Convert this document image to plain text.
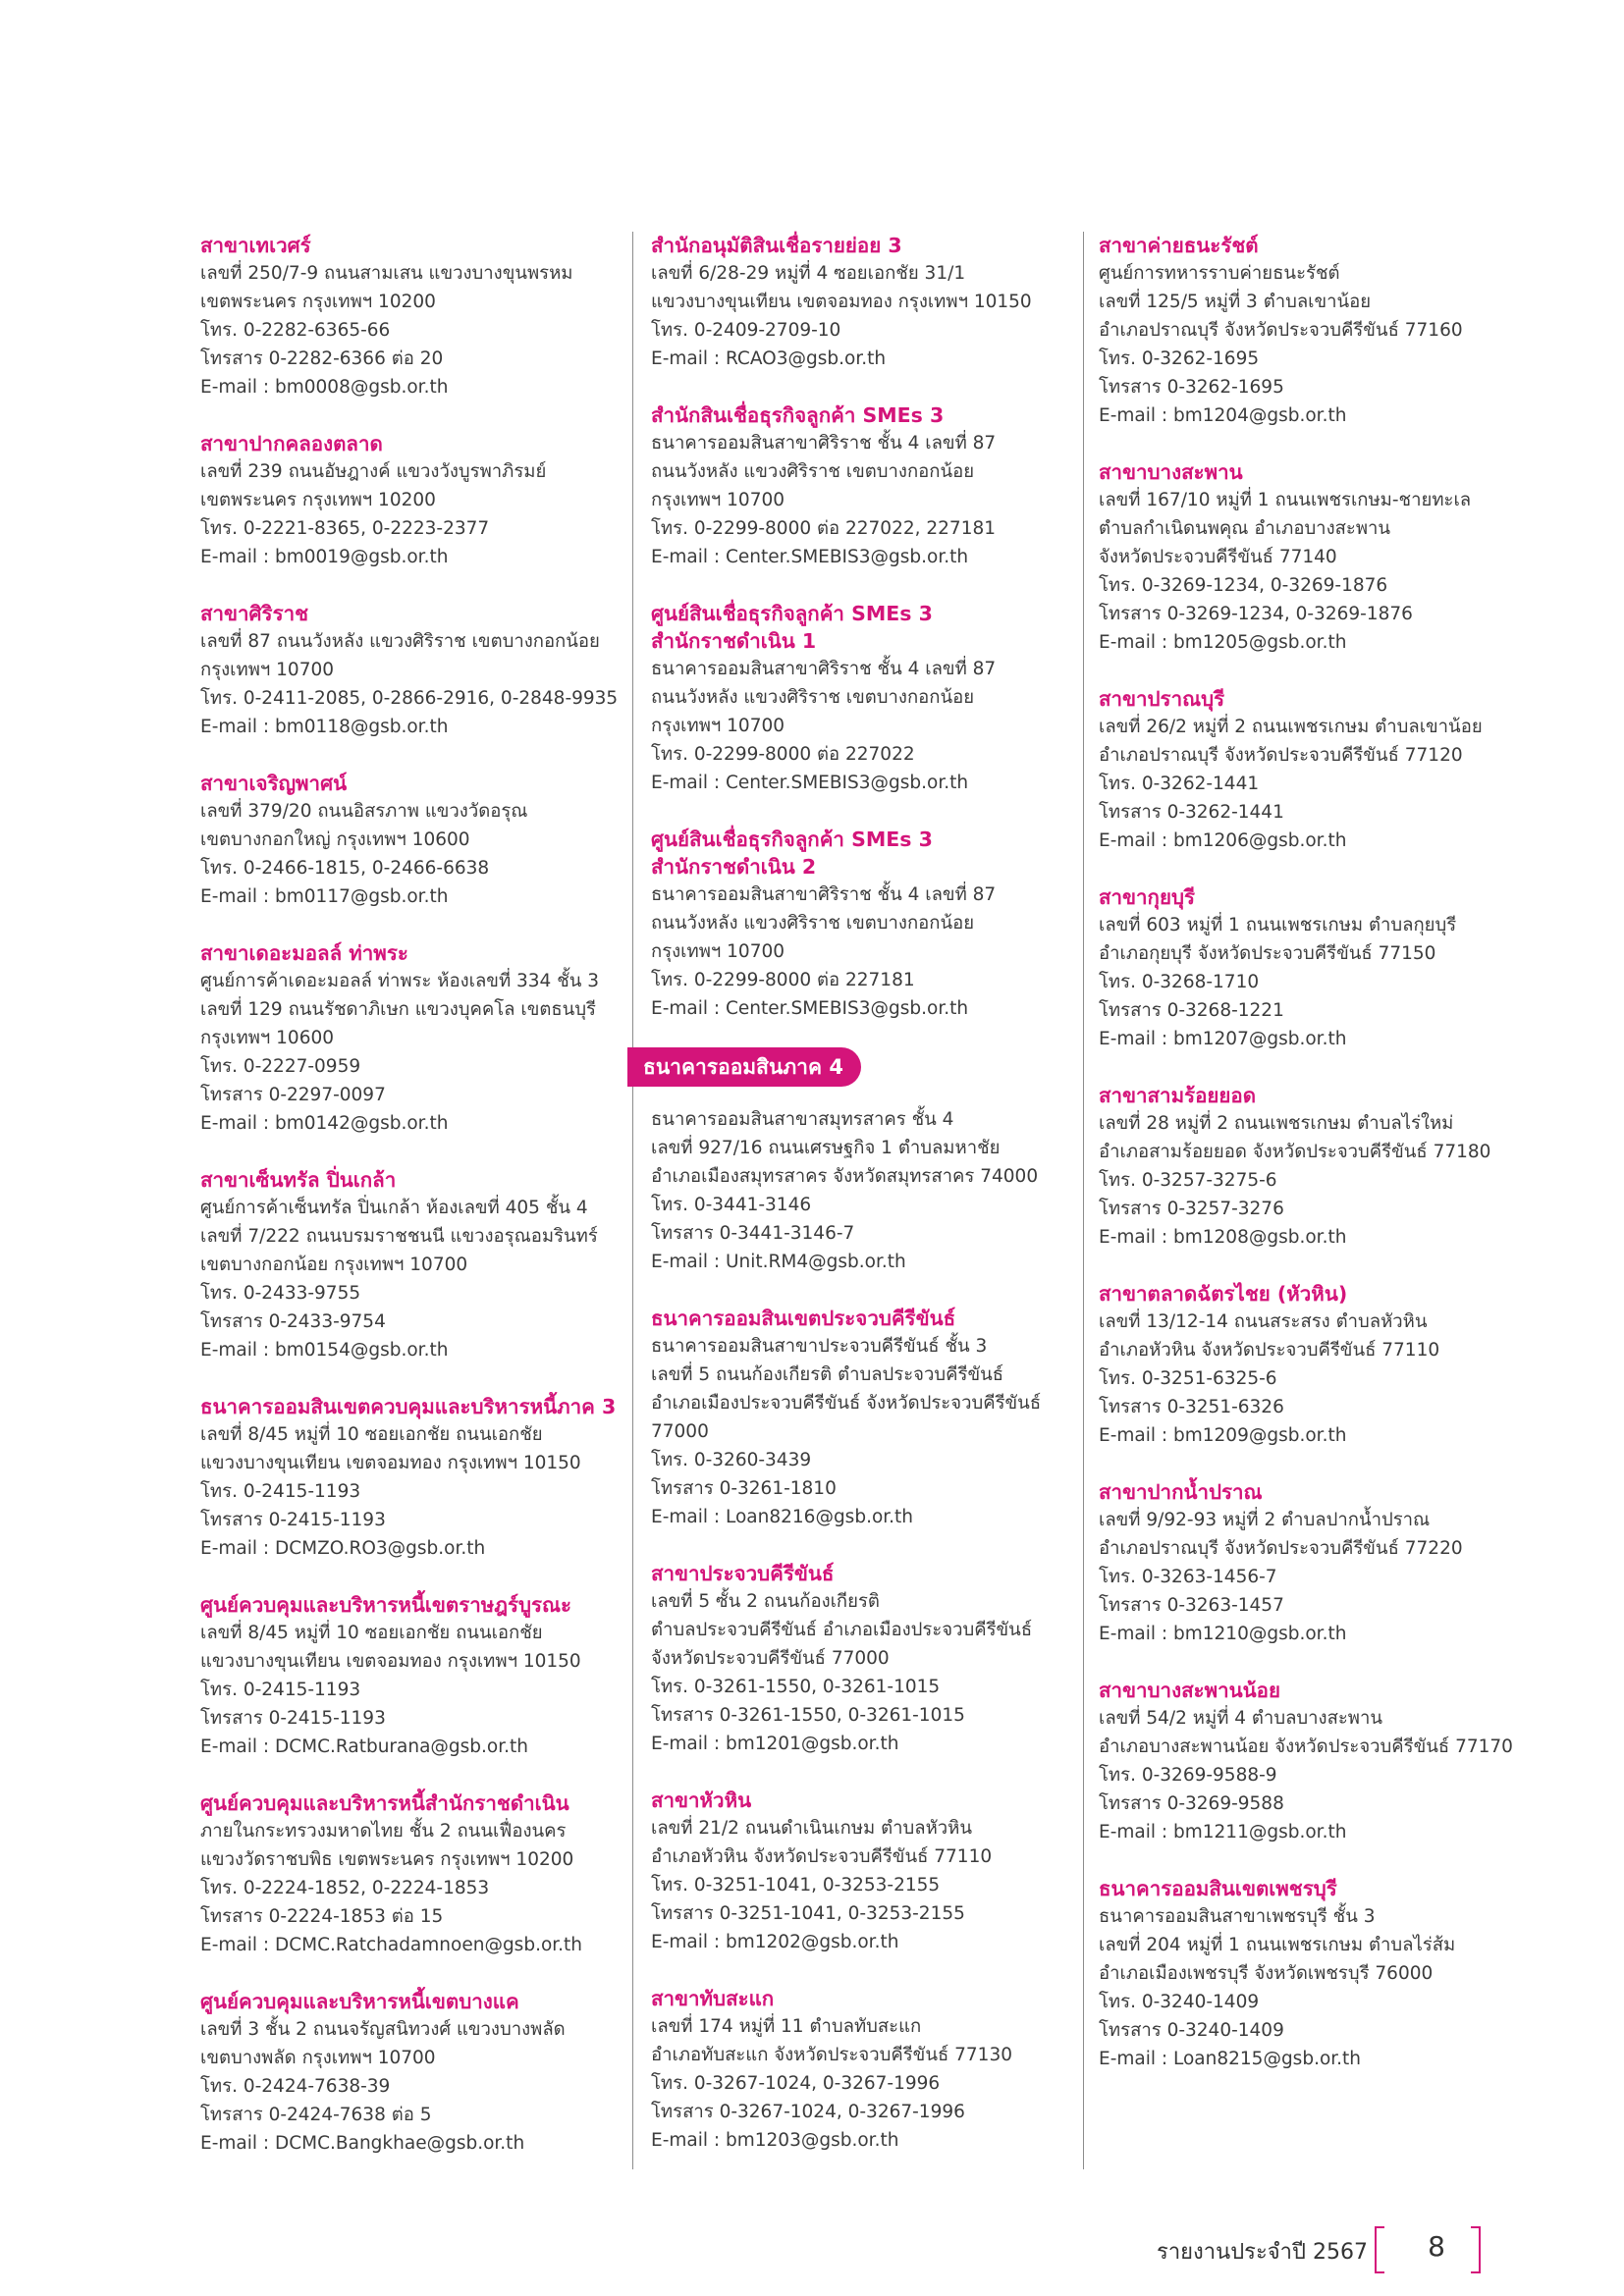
สาขาเทเวศร์
เลขที่ 250/7-9 ถนนสามเสน แขวงบางขุนพรหม
เขตพระนคร กรุงเทพฯ 10200
โทร. 0-2282-6365-66
โทรสาร 0-2282-6366 ต่อ 20
E-mail : bm0008@gsb.or.th
สาขาปากคลองตลาด
เลขที่ 239 ถนนอัษฎางค์ แขวงวังบูรพาภิรมย์
เขตพระนคร กรุงเทพฯ 10200
โทร. 0-2221-8365, 0-2223-2377
E-mail : bm0019@gsb.or.th
สาขาศิริราช
เลขที่ 87 ถนนวังหลัง แขวงศิริราช เขตบางกอกน้อย
กรุงเทพฯ 10700
โทร. 0-2411-2085, 0-2866-2916, 0-2848-9935
E-mail : bm0118@gsb.or.th
สาขาเจริญพาศน์
เลขที่ 379/20 ถนนอิสรภาพ แขวงวัดอรุณ
เขตบางกอกใหญ่ กรุงเทพฯ 10600
โทร. 0-2466-1815, 0-2466-6638
E-mail : bm0117@gsb.or.th
สาขาเดอะมอลล์ ท่าพระ
ศูนย์การค้าเดอะมอลล์ ท่าพระ ห้องเลขที่ 334 ชั้น 3
เลขที่ 129 ถนนรัชดาภิเษก แขวงบุคคโล เขตธนบุรี
กรุงเทพฯ 10600
โทร. 0-2227-0959
โทรสาร 0-2297-0097
E-mail : bm0142@gsb.or.th
สาขาเซ็นทรัล ปิ่นเกล้า
ศูนย์การค้าเซ็นทรัล ปิ่นเกล้า ห้องเลขที่ 405 ชั้น 4
เลขที่ 7/222 ถนนบรมราชชนนี แขวงอรุณอมรินทร์
เขตบางกอกน้อย กรุงเทพฯ 10700
โทร. 0-2433-9755
โทรสาร 0-2433-9754
E-mail : bm0154@gsb.or.th
ธนาคารออมสินเขตควบคุมและบริหารหนี้ภาค 3
เลขที่ 8/45 หมู่ที่ 10 ซอยเอกชัย ถนนเอกชัย
แขวงบางขุนเทียน เขตจอมทอง กรุงเทพฯ 10150
โทร. 0-2415-1193
โทรสาร 0-2415-1193
E-mail : DCMZO.RO3@gsb.or.th
ศูนย์ควบคุมและบริหารหนี้เขตราษฎร์บูรณะ
เลขที่ 8/45 หมู่ที่ 10 ซอยเอกชัย ถนนเอกชัย
แขวงบางขุนเทียน เขตจอมทอง กรุงเทพฯ 10150
โทร. 0-2415-1193
โทรสาร 0-2415-1193
E-mail : DCMC.Ratburana@gsb.or.th
ศูนย์ควบคุมและบริหารหนี้สำนักราชดำเนิน
ภายในกระทรวงมหาดไทย ชั้น 2 ถนนเฟื่องนคร
แขวงวัดราชบพิธ เขตพระนคร กรุงเทพฯ 10200
โทร. 0-2224-1852, 0-2224-1853
โทรสาร 0-2224-1853 ต่อ 15
E-mail : DCMC.Ratchadamnoen@gsb.or.th
ศูนย์ควบคุมและบริหารหนี้เขตบางแค
เลขที่ 3 ชั้น 2 ถนนจรัญสนิทวงศ์ แขวงบางพลัด
เขตบางพลัด กรุงเทพฯ 10700
โทร. 0-2424-7638-39
โทรสาร 0-2424-7638 ต่อ 5
E-mail : DCMC.Bangkhae@gsb.or.th
สำนักอนุมัติสินเชื่อรายย่อย 3
เลขที่ 6/28-29 หมู่ที่ 4 ซอยเอกชัย 31/1
แขวงบางขุนเทียน เขตจอมทอง กรุงเทพฯ 10150
โทร. 0-2409-2709-10
E-mail : RCAO3@gsb.or.th
สำนักสินเชื่อธุรกิจลูกค้า SMEs 3
ธนาคารออมสินสาขาศิริราช ชั้น 4 เลขที่ 87
ถนนวังหลัง แขวงศิริราช เขตบางกอกน้อย
กรุงเทพฯ 10700
โทร. 0-2299-8000 ต่อ 227022, 227181
E-mail : Center.SMEBIS3@gsb.or.th
ศูนย์สินเชื่อธุรกิจลูกค้า SMEs 3
สำนักราชดำเนิน 1
ธนาคารออมสินสาขาศิริราช ชั้น 4 เลขที่ 87
ถนนวังหลัง แขวงศิริราช เขตบางกอกน้อย
กรุงเทพฯ 10700
โทร. 0-2299-8000 ต่อ 227022
E-mail : Center.SMEBIS3@gsb.or.th
ศูนย์สินเชื่อธุรกิจลูกค้า SMEs 3
สำนักราชดำเนิน 2
ธนาคารออมสินสาขาศิริราช ชั้น 4 เลขที่ 87
ถนนวังหลัง แขวงศิริราช เขตบางกอกน้อย
กรุงเทพฯ 10700
โทร. 0-2299-8000 ต่อ 227181
E-mail : Center.SMEBIS3@gsb.or.th
ธนาคารออมสินภาค 4
ธนาคารออมสินสาขาสมุทรสาคร ชั้น 4
เลขที่ 927/16 ถนนเศรษฐกิจ 1 ตำบลมหาชัย
อำเภอเมืองสมุทรสาคร จังหวัดสมุทรสาคร 74000
โทร. 0-3441-3146
โทรสาร 0-3441-3146-7
E-mail : Unit.RM4@gsb.or.th
ธนาคารออมสินเขตประจวบคีรีขันธ์
ธนาคารออมสินสาขาประจวบคีรีขันธ์ ชั้น 3
เลขที่ 5 ถนนก้องเกียรติ ตำบลประจวบคีรีขันธ์
อำเภอเมืองประจวบคีรีขันธ์ จังหวัดประจวบคีรีขันธ์
77000
โทร. 0-3260-3439
โทรสาร 0-3261-1810
E-mail : Loan8216@gsb.or.th
สาขาประจวบคีรีขันธ์
เลขที่ 5 ซั้น 2 ถนนก้องเกียรติ
ตำบลประจวบคีรีขันธ์ อำเภอเมืองประจวบคีรีขันธ์
จังหวัดประจวบคีรีขันธ์ 77000
โทร. 0-3261-1550, 0-3261-1015
โทรสาร 0-3261-1550, 0-3261-1015
E-mail : bm1201@gsb.or.th
สาขาหัวหิน
เลขที่ 21/2 ถนนดำเนินเกษม ตำบลหัวหิน
อำเภอหัวหิน จังหวัดประจวบคีรีขันธ์ 77110
โทร. 0-3251-1041, 0-3253-2155
โทรสาร 0-3251-1041, 0-3253-2155
E-mail : bm1202@gsb.or.th
สาขาทับสะแก
เลขที่ 174 หมู่ที่ 11 ตำบลทับสะแก
อำเภอทับสะแก จังหวัดประจวบคีรีขันธ์ 77130
โทร. 0-3267-1024, 0-3267-1996
โทรสาร 0-3267-1024, 0-3267-1996
E-mail : bm1203@gsb.or.th
สาขาค่ายธนะรัชต์
ศูนย์การทหารราบค่ายธนะรัชต์
เลขที่ 125/5 หมู่ที่ 3 ตำบลเขาน้อย
อำเภอปราณบุรี จังหวัดประจวบคีรีขันธ์ 77160
โทร. 0-3262-1695
โทรสาร 0-3262-1695
E-mail : bm1204@gsb.or.th
สาขาบางสะพาน
เลขที่ 167/10 หมู่ที่ 1 ถนนเพชรเกษม-ชายทะเล
ตำบลกำเนิดนพคุณ อำเภอบางสะพาน
จังหวัดประจวบคีรีขันธ์ 77140
โทร. 0-3269-1234, 0-3269-1876
โทรสาร 0-3269-1234, 0-3269-1876
E-mail : bm1205@gsb.or.th
สาขาปราณบุรี
เลขที่ 26/2 หมู่ที่ 2 ถนนเพชรเกษม ตำบลเขาน้อย
อำเภอปราณบุรี จังหวัดประจวบคีรีขันธ์ 77120
โทร. 0-3262-1441
โทรสาร 0-3262-1441
E-mail : bm1206@gsb.or.th
สาขากุยบุรี
เลขที่ 603 หมู่ที่ 1 ถนนเพชรเกษม ตำบลกุยบุรี
อำเภอกุยบุรี จังหวัดประจวบคีรีขันธ์ 77150
โทร. 0-3268-1710
โทรสาร 0-3268-1221
E-mail : bm1207@gsb.or.th
สาขาสามร้อยยอด
เลขที่ 28 หมู่ที่ 2 ถนนเพชรเกษม ตำบลไร่ใหม่
อำเภอสามร้อยยอด จังหวัดประจวบคีรีขันธ์ 77180
โทร. 0-3257-3275-6
โทรสาร 0-3257-3276
E-mail : bm1208@gsb.or.th
สาขาตลาดฉัตรไชย (หัวหิน)
เลขที่ 13/12-14 ถนนสระสรง ตำบลหัวหิน
อำเภอหัวหิน จังหวัดประจวบคีรีขันธ์ 77110
โทร. 0-3251-6325-6
โทรสาร 0-3251-6326
E-mail : bm1209@gsb.or.th
สาขาปากน้ำปราณ
เลขที่ 9/92-93 หมู่ที่ 2 ตำบลปากน้ำปราณ
อำเภอปราณบุรี จังหวัดประจวบคีรีขันธ์ 77220
โทร. 0-3263-1456-7
โทรสาร 0-3263-1457
E-mail : bm1210@gsb.or.th
สาขาบางสะพานน้อย
เลขที่ 54/2 หมู่ที่ 4 ตำบลบางสะพาน
อำเภอบางสะพานน้อย จังหวัดประจวบคีรีขันธ์ 77170
โทร. 0-3269-9588-9
โทรสาร 0-3269-9588
E-mail : bm1211@gsb.or.th
ธนาคารออมสินเขตเพชรบุรี
ธนาคารออมสินสาขาเพชรบุรี ชั้น 3
เลขที่ 204 หมู่ที่ 1 ถนนเพชรเกษม ตำบลไร่ส้ม
อำเภอเมืองเพชรบุรี จังหวัดเพชรบุรี 76000
โทร. 0-3240-1409
โทรสาร 0-3240-1409
E-mail : Loan8215@gsb.or.th
รายงานประจำปี 2567	8
